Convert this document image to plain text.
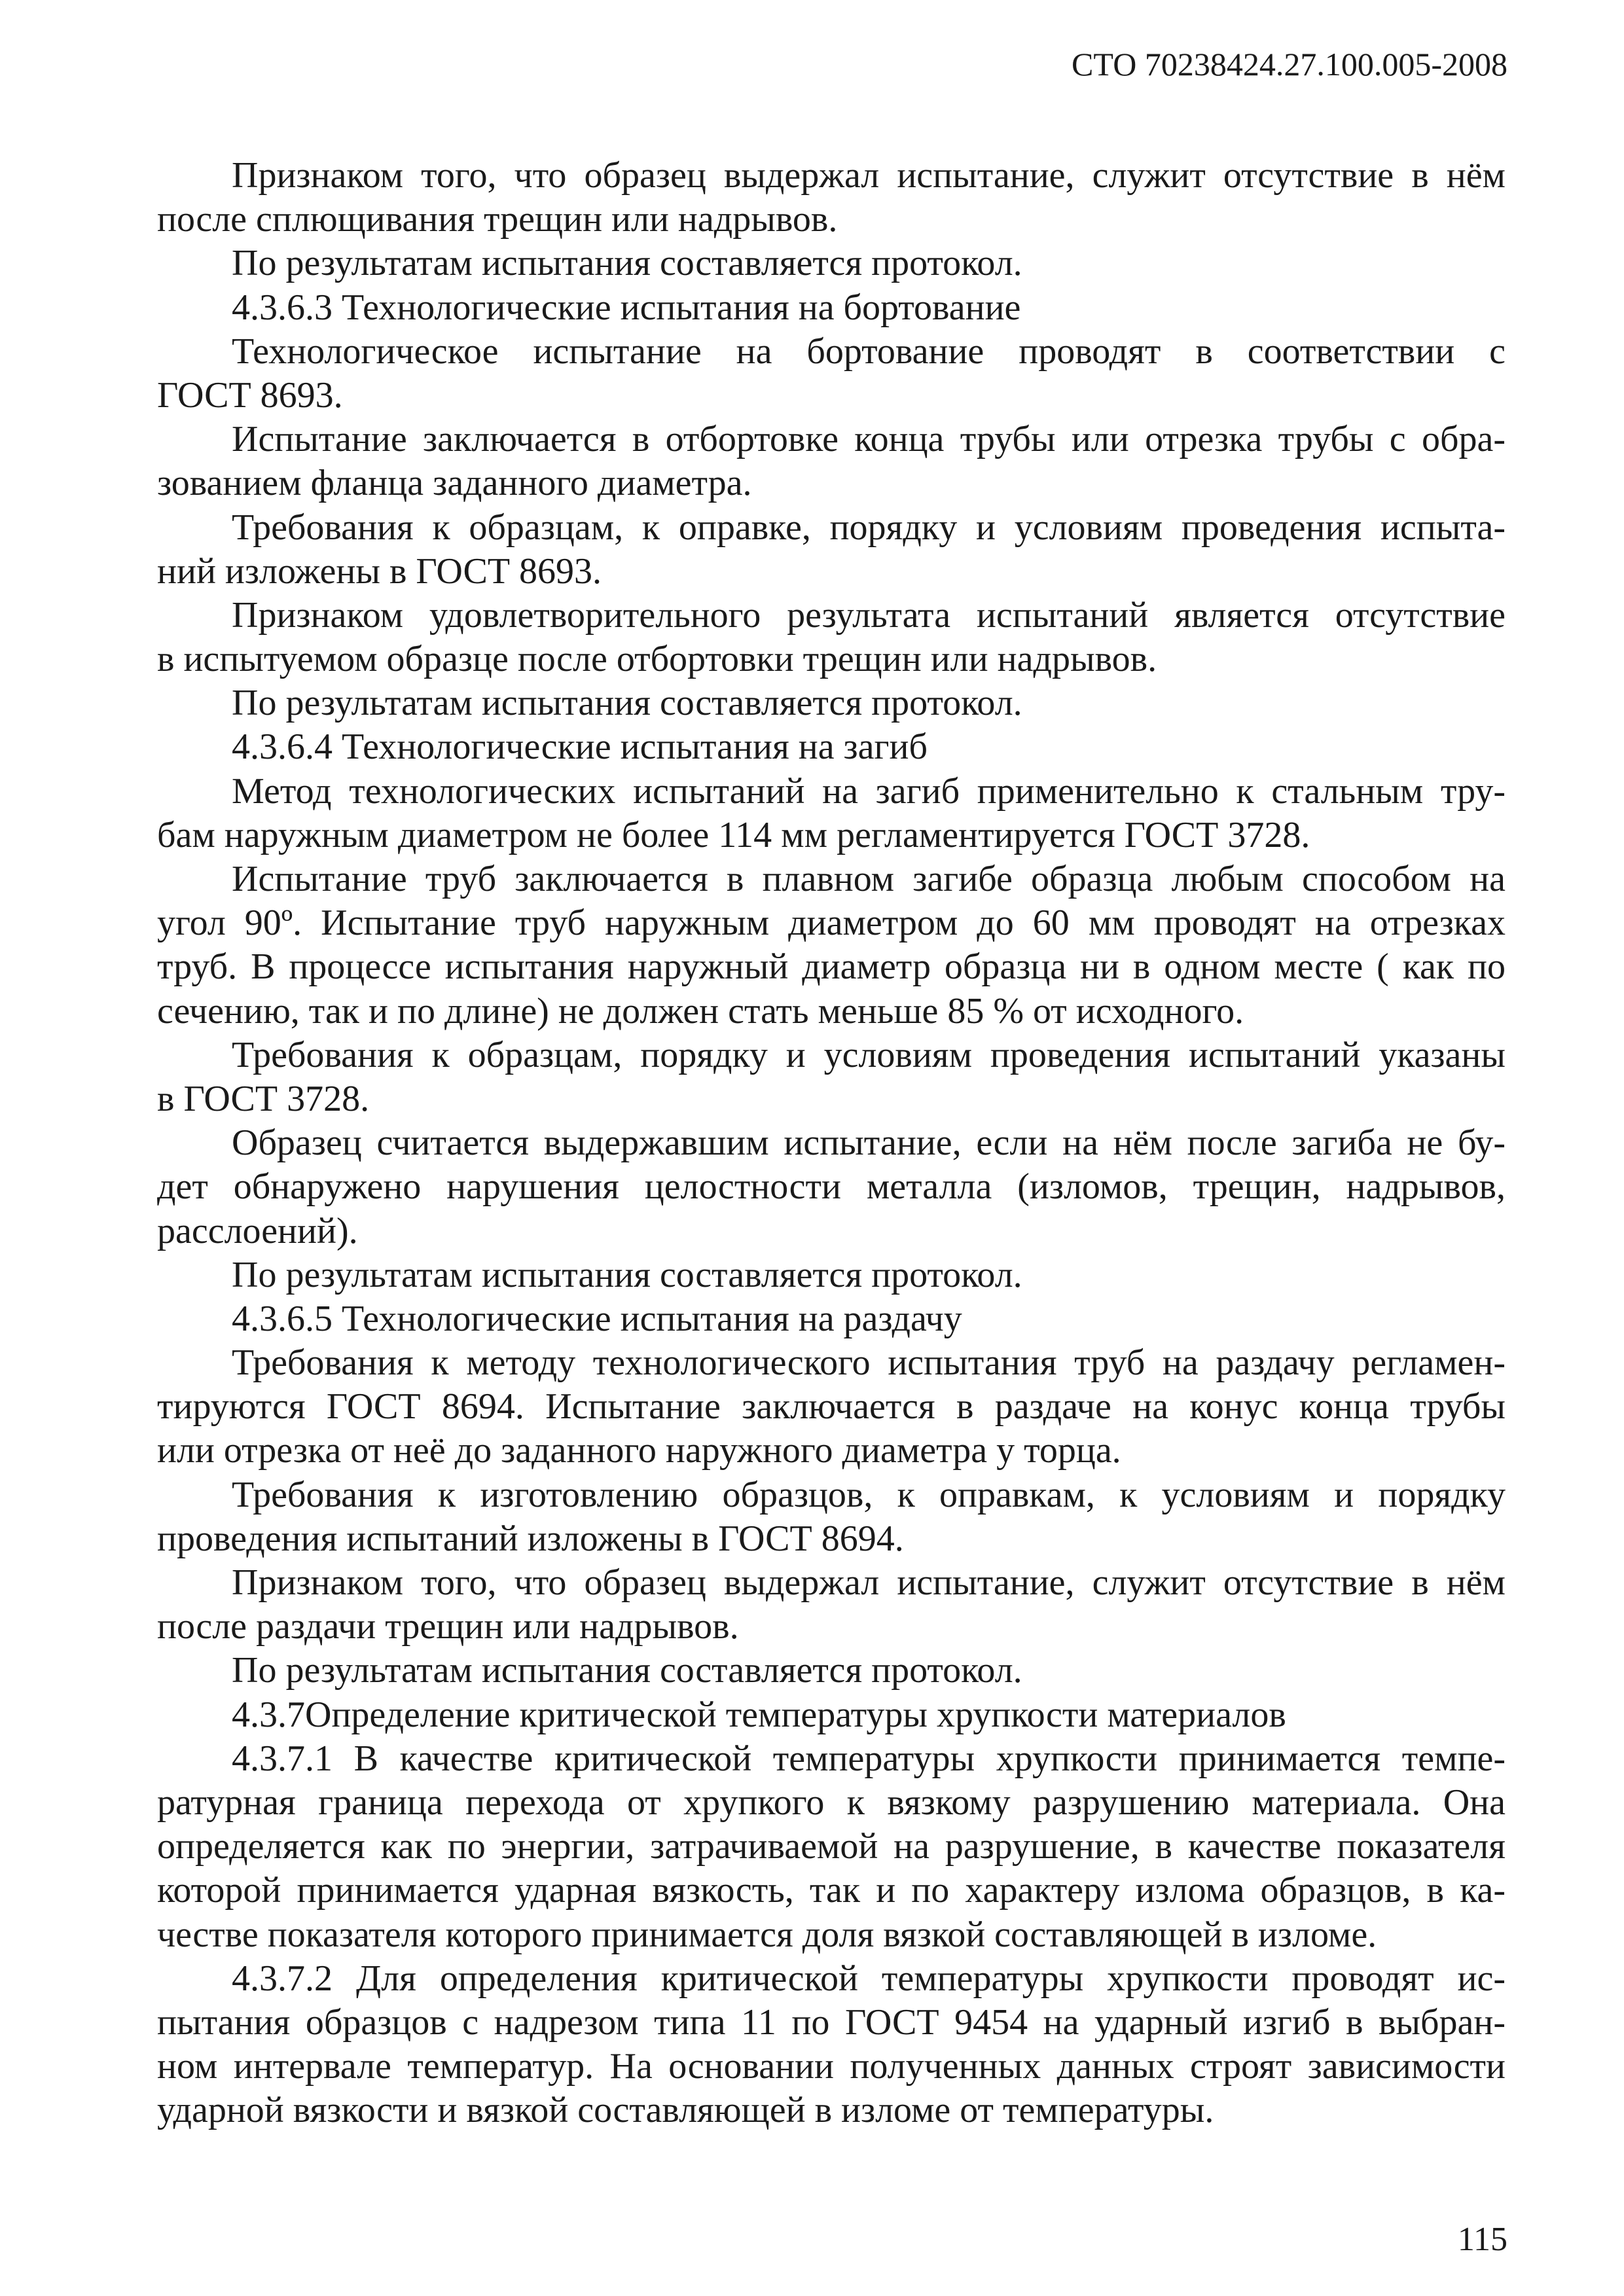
СТО 70238424.27.100.005-2008
Признаком того, что образец выдержал испытание, служит отсутствие в нём
после сплющивания трещин или надрывов.
По результатам испытания составляется протокол.
4.3.6.3 Технологические испытания на бортование
Технологическое испытание на бортование проводят в соответствии с
ГОСТ 8693.
Испытание заключается в отбортовке конца трубы или отрезка трубы с обра-
зованием фланца заданного диаметра.
Требования к образцам, к оправке, порядку и условиям проведения испыта-
ний изложены в ГОСТ 8693.
Признаком удовлетворительного результата испытаний является отсутствие
в испытуемом образце после отбортовки трещин или надрывов.
По результатам испытания составляется протокол.
4.3.6.4 Технологические испытания на загиб
Метод технологических испытаний на загиб применительно к стальным тру-
бам наружным диаметром не более 114 мм регламентируется ГОСТ 3728.
Испытание труб заключается в плавном загибе образца любым способом на
угол 90º. Испытание труб наружным диаметром до 60 мм проводят на отрезках
труб. В процессе испытания наружный диаметр образца ни в одном месте ( как по
сечению, так и по длине) не должен стать меньше 85 % от исходного.
Требования к образцам, порядку и условиям проведения испытаний указаны
в ГОСТ 3728.
Образец считается выдержавшим испытание, если на нём после загиба не бу-
дет обнаружено нарушения целостности металла (изломов, трещин, надрывов,
расслоений).
По результатам испытания составляется протокол.
4.3.6.5 Технологические испытания на раздачу
Требования к методу технологического испытания труб на раздачу регламен-
тируются ГОСТ 8694. Испытание заключается в раздаче на конус конца трубы
или отрезка от неё до заданного наружного диаметра у торца.
Требования к изготовлению образцов, к оправкам, к условиям и порядку
проведения испытаний изложены в ГОСТ 8694.
Признаком того, что образец выдержал испытание, служит отсутствие в нём
после раздачи трещин или надрывов.
По результатам испытания составляется протокол.
4.3.7Определение критической температуры хрупкости материалов
4.3.7.1 В качестве критической температуры хрупкости принимается темпе-
ратурная граница перехода от хрупкого к вязкому разрушению материала. Она
определяется как по энергии, затрачиваемой на разрушение, в качестве показателя
которой принимается ударная вязкость, так и по характеру излома образцов, в ка-
честве показателя которого принимается доля вязкой составляющей в изломе.
4.3.7.2 Для определения критической температуры хрупкости проводят ис-
пытания образцов с надрезом типа 11 по ГОСТ 9454 на ударный изгиб в выбран-
ном интервале температур. На основании полученных данных строят зависимости
ударной вязкости и вязкой составляющей в изломе от температуры.
115
